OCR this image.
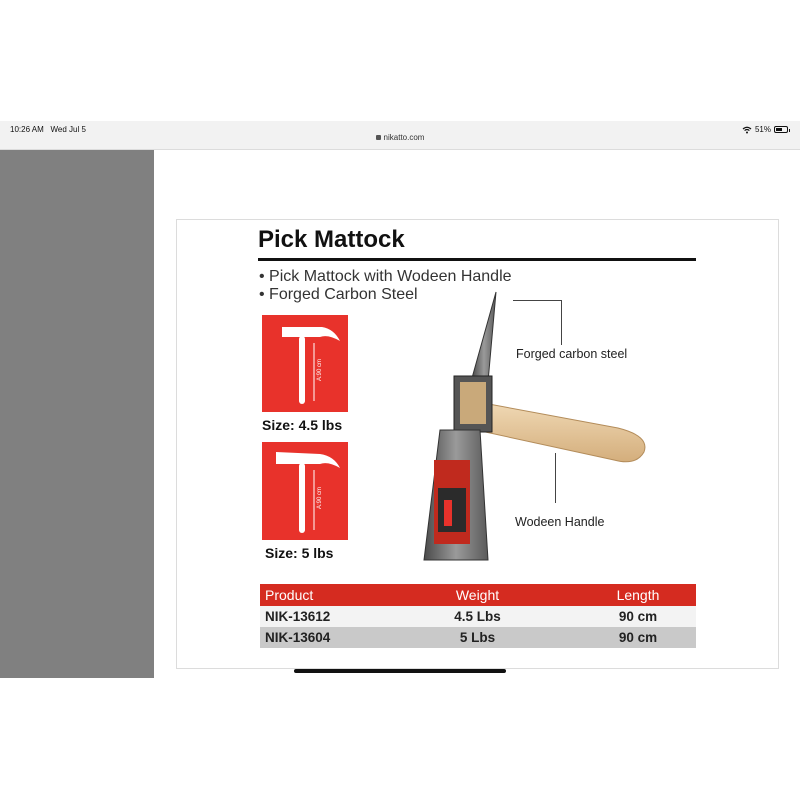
10:26 AM Wed Jul 5	51%
nikatto.com
Pick Mattock
• Pick Mattock with Wodeen Handle
• Forged Carbon Steel
A:90 cm
Size: 4.5 lbs
A:90 cm
Size: 5 lbs
Forged carbon steel
Wodeen Handle
Product	Weight	Length
NIK-13612	4.5 Lbs	90 cm
NIK-13604	5 Lbs	90 cm
